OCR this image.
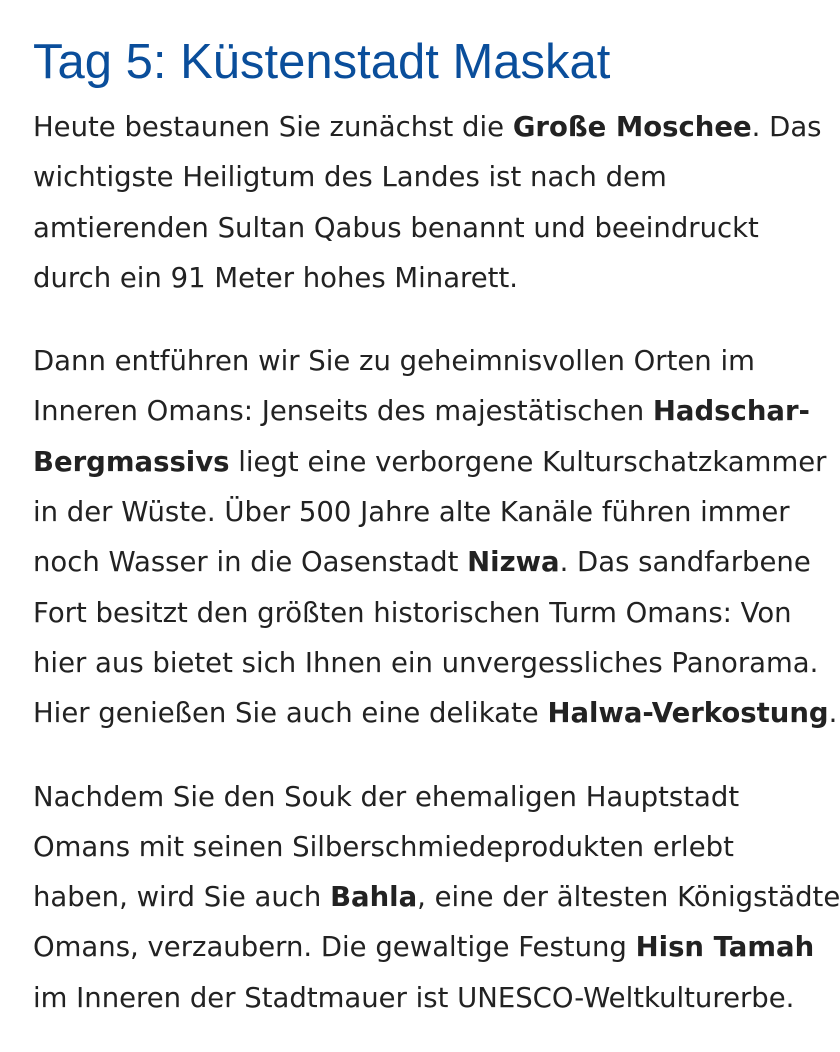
Tag 5: Küstenstadt Maskat

Heute bestaunen Sie zunächst die Große Moschee. Das
wichtigste Heiligtum des Landes ist nach dem
amtierenden Sultan Qabus benannt und beeindruckt
durch ein 91 Meter hohes Minarett.

Dann entführen wir Sie zu geheimnisvollen Orten im
Inneren Omans: Jenseits des majestätischen Hadschar-
Bergmassivs liegt eine verborgene Kulturschatzkammer
in der Wüste. Über 500 Jahre alte Kanäle führen immer
noch Wasser in die Oasenstadt Nizwa. Das sandfarbene
Fort besitzt den größten historischen Turm Omans: Von
hier aus bietet sich Ihnen ein unvergessliches Panorama.
Hier genießen Sie auch eine delikate Halwa-Verkostung.

Nachdem Sie den Souk der ehemaligen Hauptstadt
Omans mit seinen Silberschmiedeprodukten erlebt
haben, wird Sie auch Bahla, eine der ältesten Königstädte
Omans, verzaubern. Die gewaltige Festung Hisn Tamah
im Inneren der Stadtmauer ist UNESCO-Weltkulturerbe.
